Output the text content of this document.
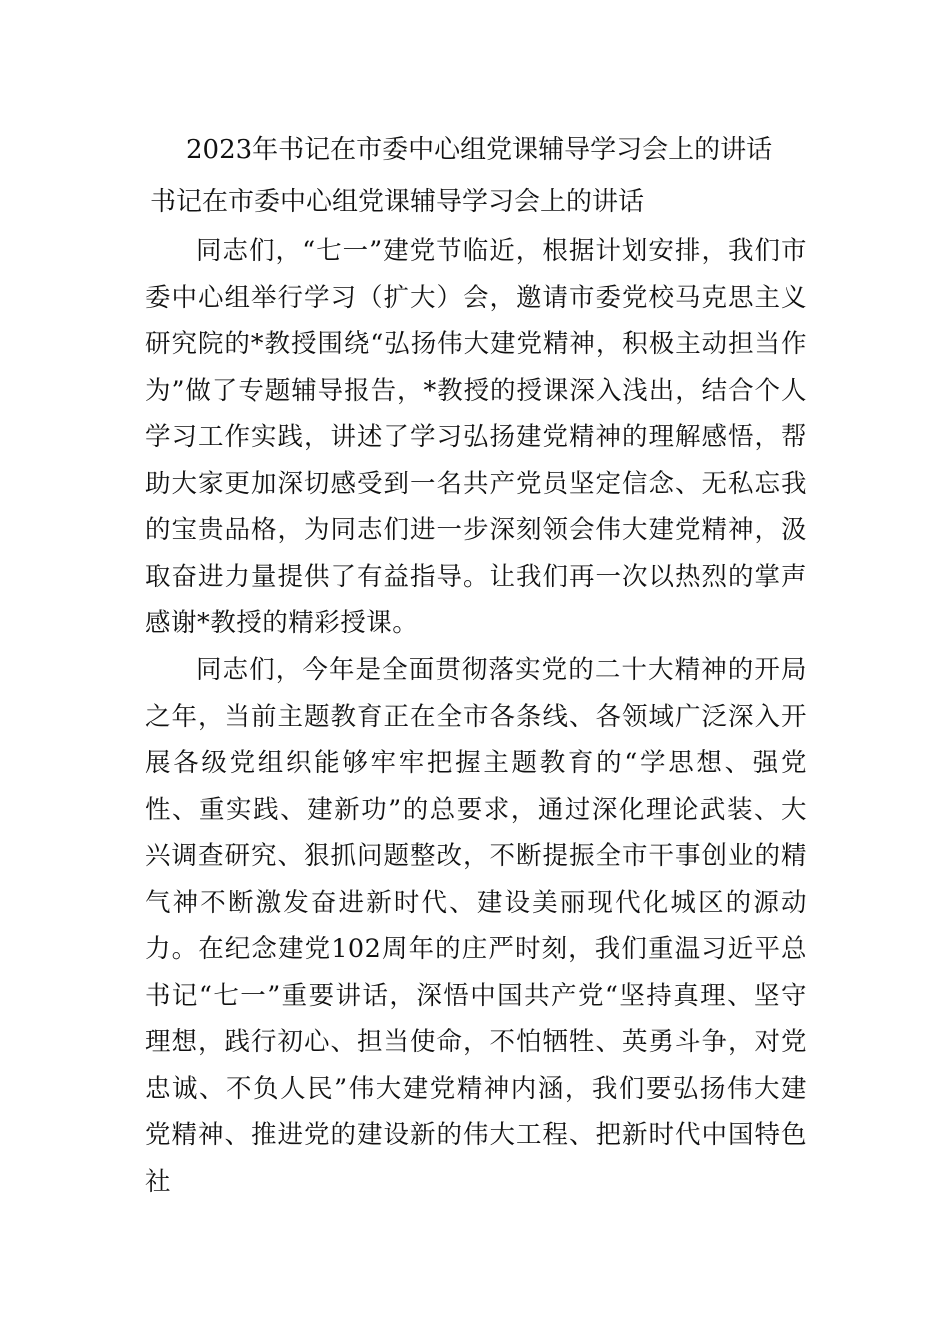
2023年书记在市委中心组党课辅导学习会上的讲话
书记在市委中心组党课辅导学习会上的讲话

同志们，“七一”建党节临近，根据计划安排，我们市委中心组举行学习（扩大）会，邀请市委党校马克思主义研究院的*教授围绕“弘扬伟大建党精神，积极主动担当作为”做了专题辅导报告，*教授的授课深入浅出，结合个人学习工作实践，讲述了学习弘扬建党精神的理解感悟，帮助大家更加深切感受到一名共产党员坚定信念、无私忘我的宝贵品格，为同志们进一步深刻领会伟大建党精神，汲取奋进力量提供了有益指导。让我们再一次以热烈的掌声感谢*教授的精彩授课。

同志们，今年是全面贯彻落实党的二十大精神的开局之年，当前主题教育正在全市各条线、各领域广泛深入开展各级党组织能够牢牢把握主题教育的“学思想、强党性、重实践、建新功”的总要求，通过深化理论武装、大兴调查研究、狠抓问题整改，不断提振全市干事创业的精气神不断激发奋进新时代、建设美丽现代化城区的源动力。在纪念建党102周年的庄严时刻，我们重温习近平总书记“七一”重要讲话，深悟中国共产党“坚持真理、坚守理想，践行初心、担当使命，不怕牺牲、英勇斗争，对党忠诚、不负人民”伟大建党精神内涵，我们要弘扬伟大建党精神、推进党的建设新的伟大工程、把新时代中国特色社
